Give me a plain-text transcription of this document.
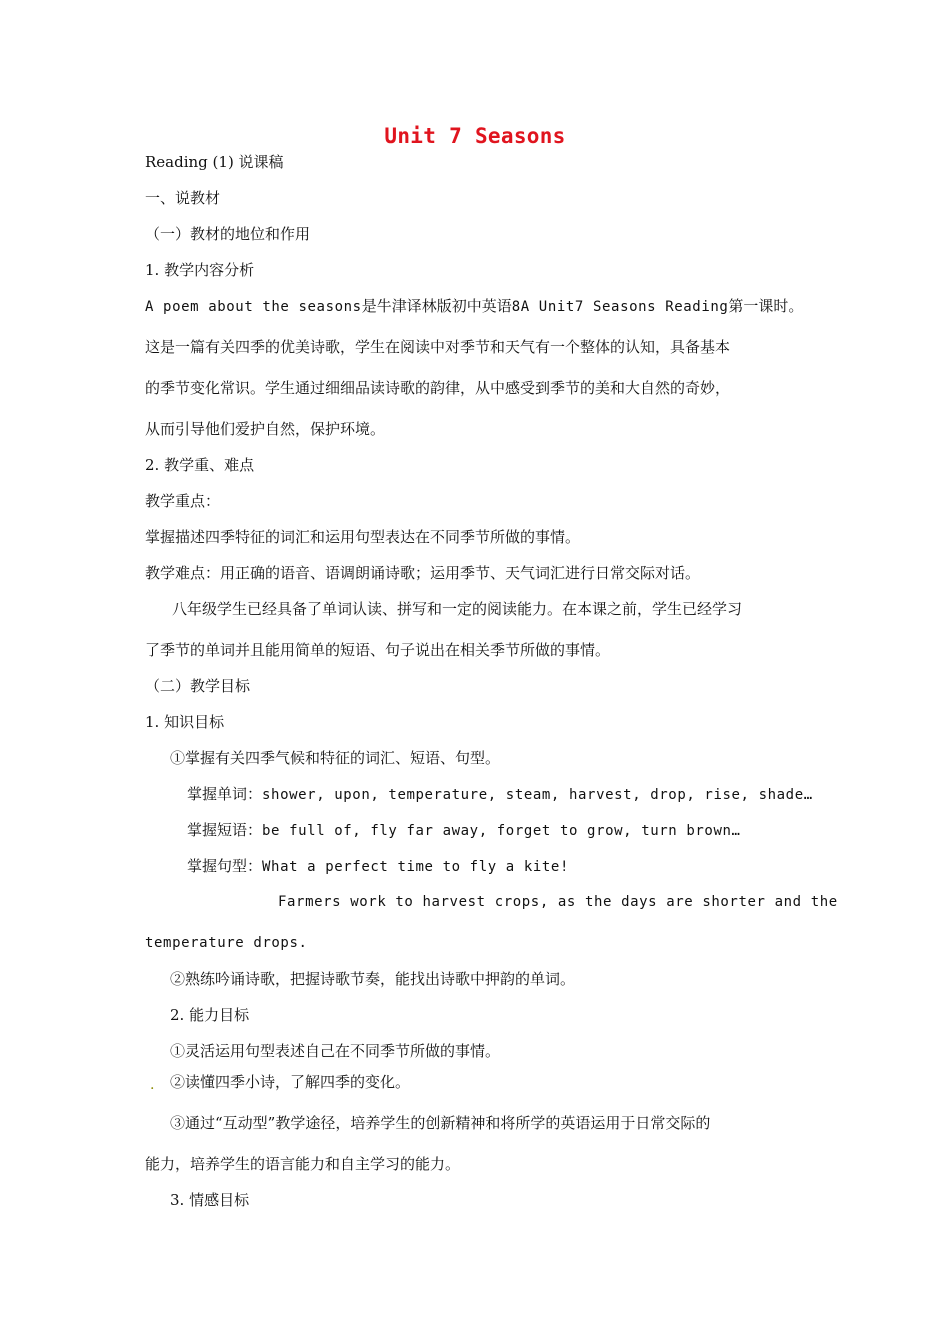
Unit 7 Seasons
Reading (1) 说课稿
一、说教材
（一）教材的地位和作用
1. 教学内容分析
A poem about the seasons是牛津译林版初中英语8A Unit7 Seasons Reading第一课时。
这是一篇有关四季的优美诗歌，学生在阅读中对季节和天气有一个整体的认知，具备基本
的季节变化常识。学生通过细细品读诗歌的韵律，从中感受到季节的美和大自然的奇妙，
从而引导他们爱护自然，保护环境。
2. 教学重、难点
教学重点：
掌握描述四季特征的词汇和运用句型表达在不同季节所做的事情。
教学难点：用正确的语音、语调朗诵诗歌；运用季节、天气词汇进行日常交际对话。
八年级学生已经具备了单词认读、拼写和一定的阅读能力。在本课之前，学生已经学习
了季节的单词并且能用简单的短语、句子说出在相关季节所做的事情。
（二）教学目标
1. 知识目标
①掌握有关四季气候和特征的词汇、短语、句型。
掌握单词：shower, upon, temperature, steam, harvest, drop, rise, shade…
掌握短语：be full of, fly far away, forget to grow, turn brown…
掌握句型：What a perfect time to fly a kite!
Farmers work to harvest crops, as the days are shorter and the
temperature drops.
②熟练吟诵诗歌，把握诗歌节奏，能找出诗歌中押韵的单词。
2. 能力目标
①灵活运用句型表述自己在不同季节所做的事情。
. ②读懂四季小诗，了解四季的变化。
③通过“互动型”教学途径，培养学生的创新精神和将所学的英语运用于日常交际的
能力，培养学生的语言能力和自主学习的能力。
3. 情感目标
